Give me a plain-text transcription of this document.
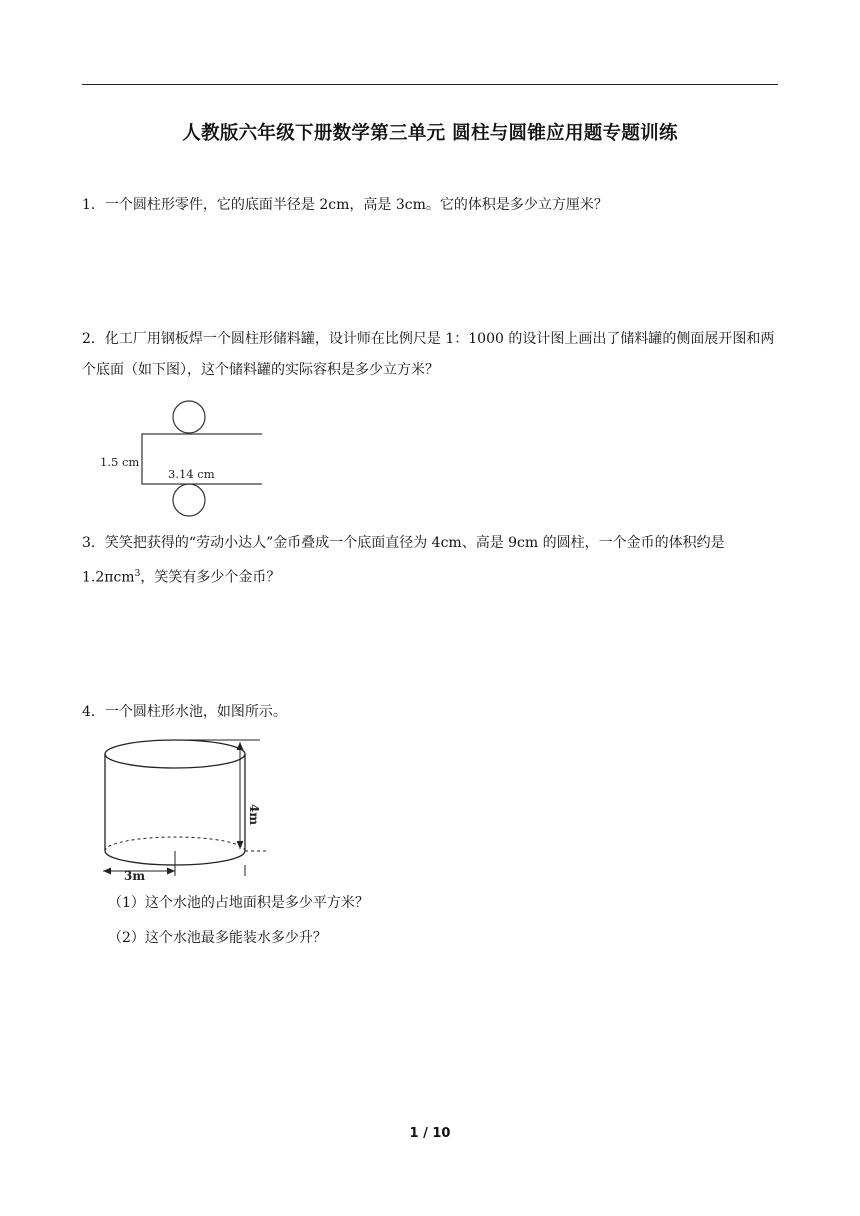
人教版六年级下册数学第三单元 圆柱与圆锥应用题专题训练
1．一个圆柱形零件，它的底面半径是 2cm，高是 3cm。它的体积是多少立方厘米？
2．化工厂用钢板焊一个圆柱形储料罐，设计师在比例尺是 1：1000 的设计图上画出了储料罐的侧面展开图和两个底面（如下图），这个储料罐的实际容积是多少立方米？
1.5 cm
3.14 cm
3．笑笑把获得的“劳动小达人”金币叠成一个底面直径为 4cm、高是 9cm 的圆柱，一个金币的体积约是 1.2πcm$^3$，笑笑有多少个金币？
4．一个圆柱形水池，如图所示。
4m
3m
（1）这个水池的占地面积是多少平方米？
（2）这个水池最多能装水多少升？
1 / 10
